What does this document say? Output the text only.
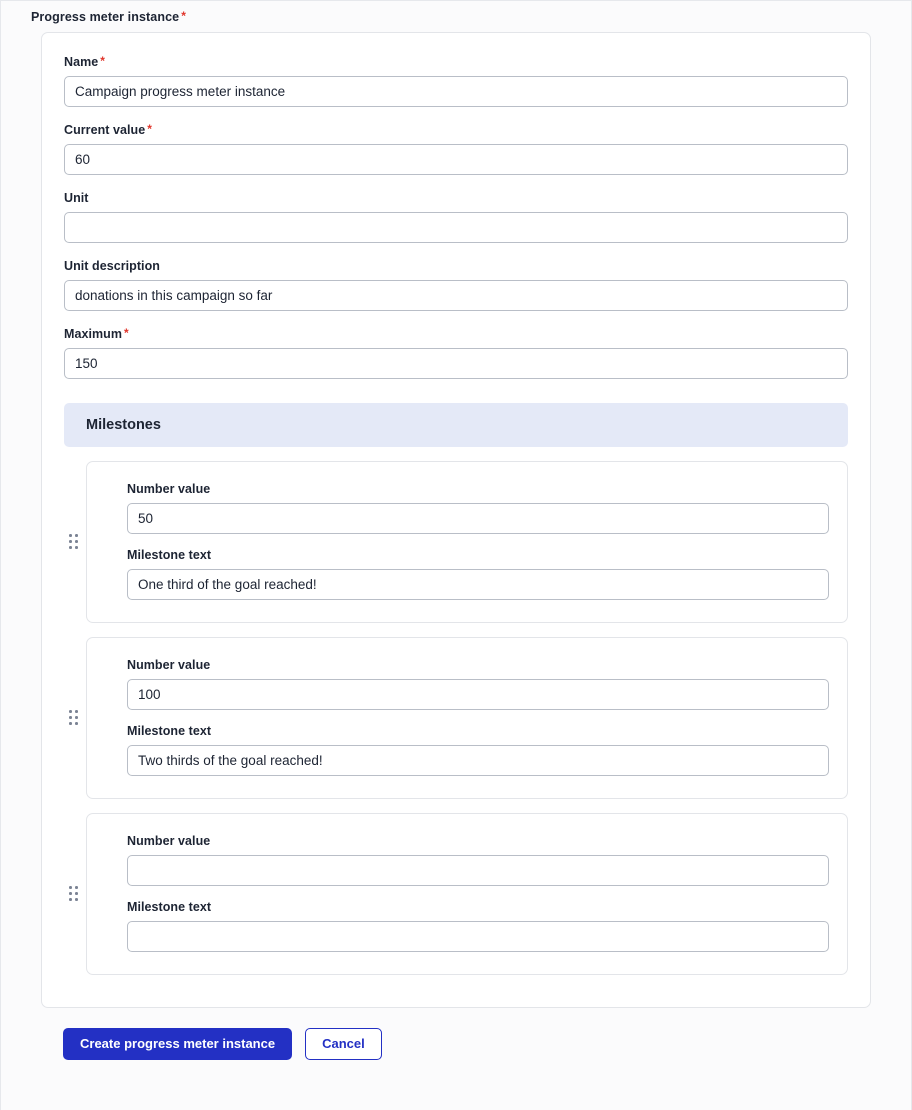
Progress meter instance *
Name *
Campaign progress meter instance
Current value *
60
Unit
Unit description
donations in this campaign so far
Maximum *
150
Milestones
Number value
50
Milestone text
One third of the goal reached!
Number value
100
Milestone text
Two thirds of the goal reached!
Number value
Milestone text
Create progress meter instance	Cancel
